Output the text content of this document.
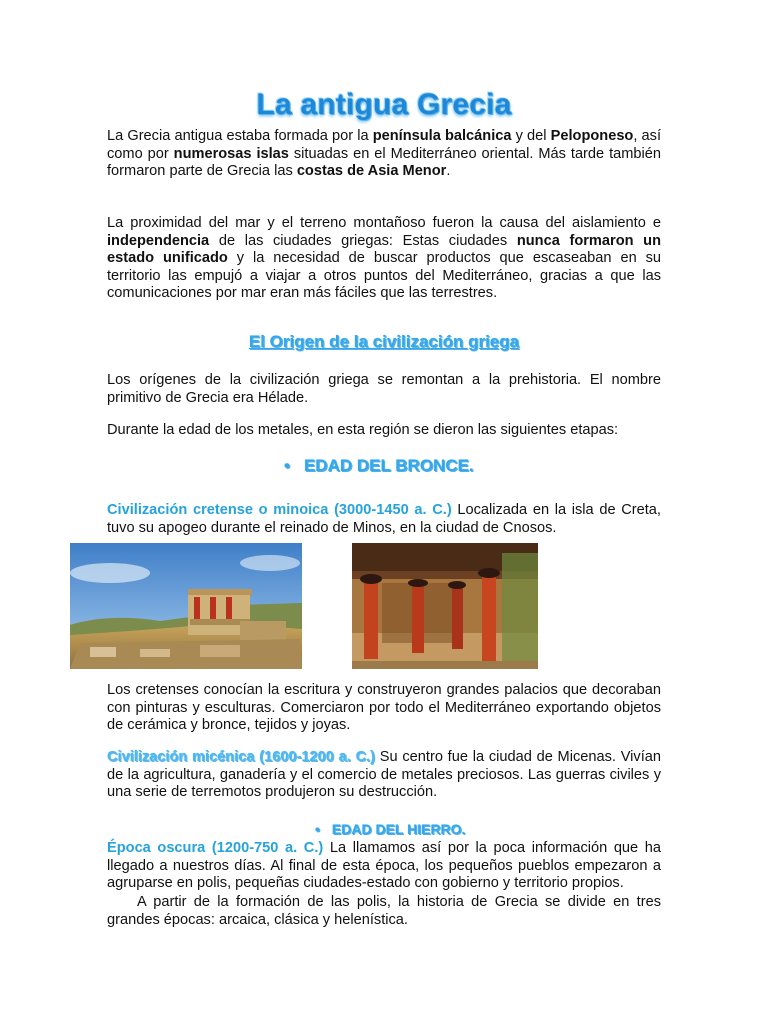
La antigua Grecia
La Grecia antigua estaba formada por la península balcánica y del Peloponeso, así como por numerosas islas situadas en el Mediterráneo oriental. Más tarde también formaron parte de Grecia las costas de Asia Menor.
La proximidad del mar y el terreno montañoso fueron la causa del aislamiento e independencia de las ciudades griegas: Estas ciudades nunca formaron un estado unificado y la necesidad de buscar productos que escaseaban en su territorio las empujó a viajar a otros puntos del Mediterráneo, gracias a que las comunicaciones por mar eran más fáciles que las terrestres.
El Origen de la civilización griega
Los orígenes de la civilización griega se remontan a la prehistoria. El nombre primitivo de Grecia era Hélade.
Durante la edad de los metales, en esta región se dieron las siguientes etapas:
• EDAD DEL BRONCE.
Civilización cretense o minoica (3000-1450 a. C.) Localizada en la isla de Creta, tuvo su apogeo durante el reinado de Minos, en la ciudad de Cnosos.
Los cretenses conocían la escritura y construyeron grandes palacios que decoraban con pinturas y esculturas. Comerciaron por todo el Mediterráneo exportando objetos de cerámica y bronce, tejidos y joyas.
Civilización micénica (1600-1200 a. C.) Su centro fue la ciudad de Micenas. Vivían de la agricultura, ganadería y el comercio de metales preciosos. Las guerras civiles y una serie de terremotos produjeron su destrucción.
• EDAD DEL HIERRO.
Época oscura (1200-750 a. C.) La llamamos así por la poca información que ha llegado a nuestros días. Al final de esta época, los pequeños pueblos empezaron a agruparse en polis, pequeñas ciudades-estado con gobierno y territorio propios.
A partir de la formación de las polis, la historia de Grecia se divide en tres grandes épocas: arcaica, clásica y helenística.
